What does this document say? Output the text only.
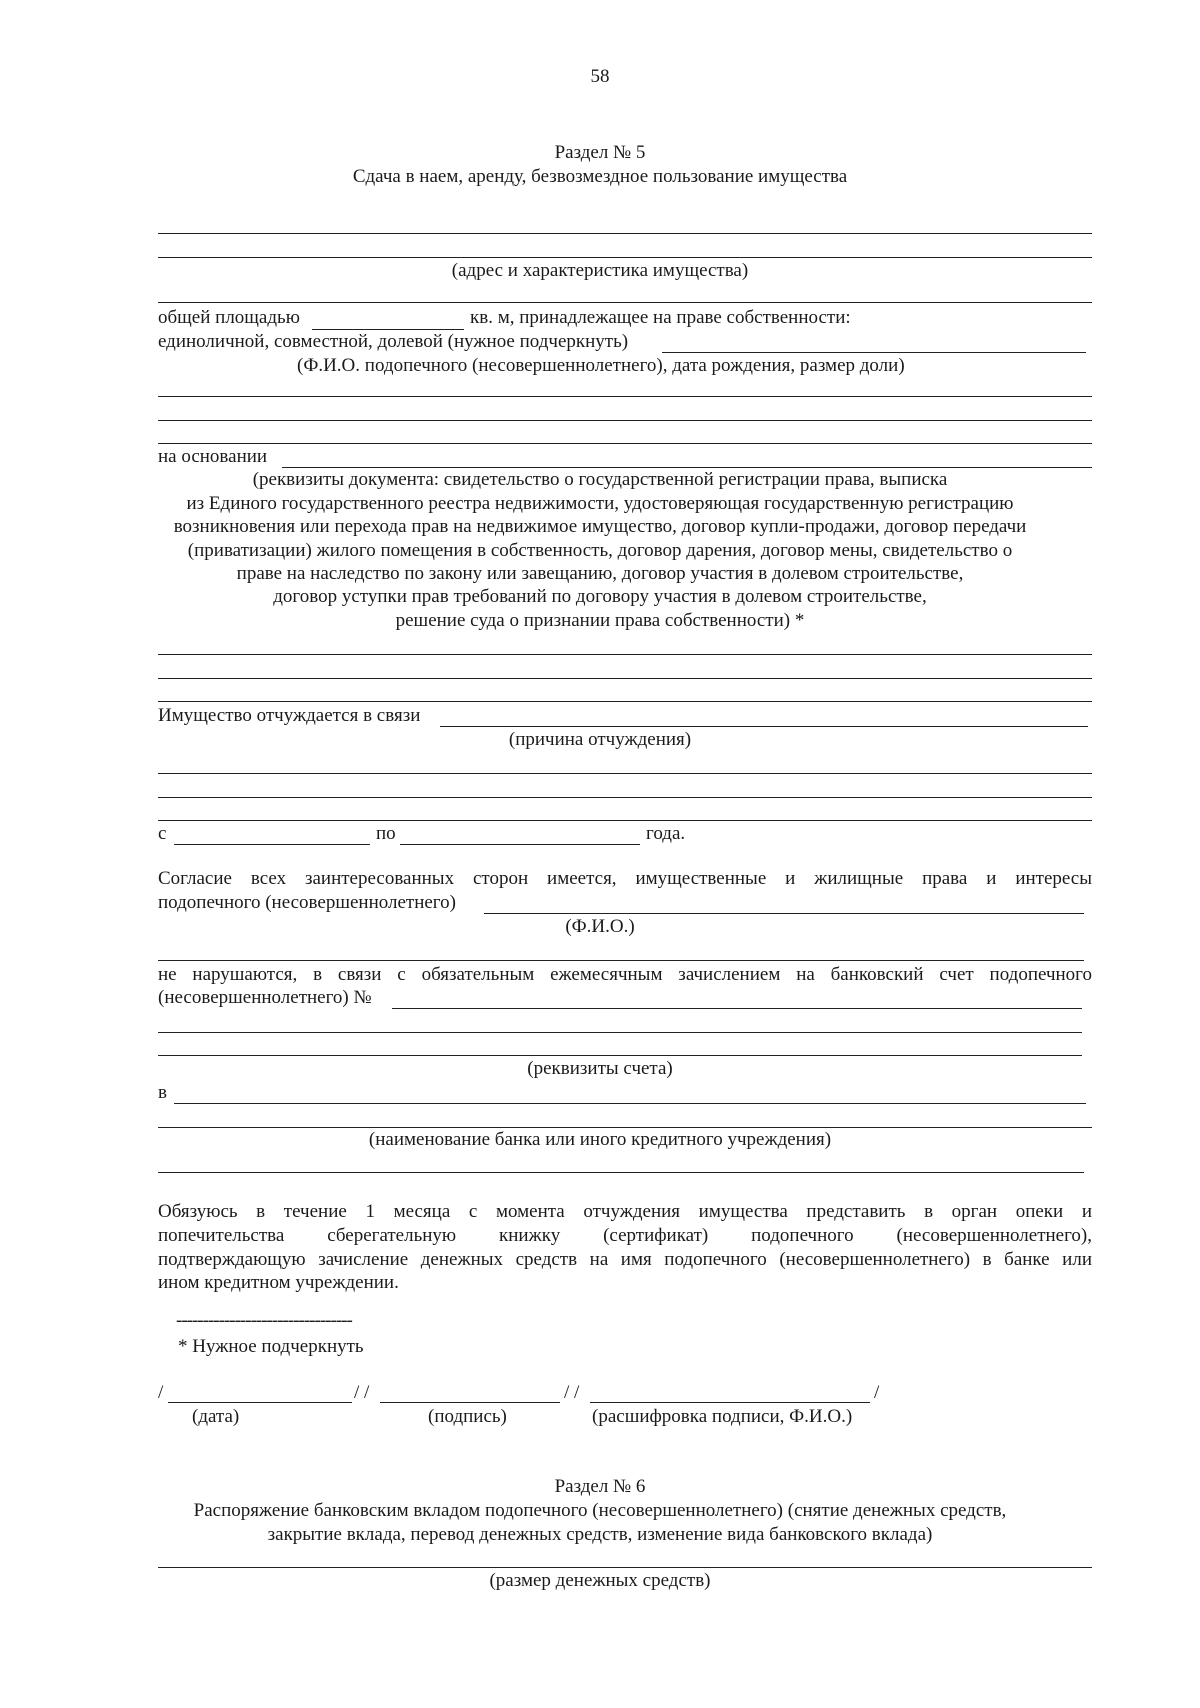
58
Раздел № 5
Сдача в наем, аренду, безвозмездное пользование имущества
(адрес и характеристика имущества)
общей площадью	кв. м, принадлежащее на праве собственности:
единоличной, совместной, долевой (нужное подчеркнуть)
(Ф.И.О. подопечного (несовершеннолетнего), дата рождения, размер доли)
на основании
(реквизиты документа: свидетельство о государственной регистрации права, выписка
из Единого государственного реестра недвижимости, удостоверяющая государственную регистрацию
возникновения или перехода прав на недвижимое имущество, договор купли-продажи, договор передачи
(приватизации) жилого помещения в собственность, договор дарения, договор мены, свидетельство о
праве на наследство по закону или завещанию, договор участия в долевом строительстве,
договор уступки прав требований по договору участия в долевом строительстве,
решение суда о признании права собственности) *
Имущество отчуждается в связи
(причина отчуждения)
с	по	года.
Согласие всех заинтересованных сторон имеется, имущественные и жилищные права и интересы
подопечного (несовершеннолетнего)
(Ф.И.О.)
не нарушаются, в связи с обязательным ежемесячным зачислением на банковский счет подопечного
(несовершеннолетнего) №
(реквизиты счета)
в
(наименование банка или иного кредитного учреждения)
Обязуюсь в течение 1 месяца с момента отчуждения имущества представить в орган опеки и
попечительства сберегательную книжку (сертификат) подопечного (несовершеннолетнего),
подтверждающую зачисление денежных средств на имя подопечного (несовершеннолетнего) в банке или
ином кредитном учреждении.
---------------------------------
* Нужное подчеркнуть
/	/ /	/ /	/
(дата)	(подпись)	(расшифровка подписи, Ф.И.О.)
Раздел № 6
Распоряжение банковским вкладом подопечного (несовершеннолетнего) (снятие денежных средств,
закрытие вклада, перевод денежных средств, изменение вида банковского вклада)
(размер денежных средств)
